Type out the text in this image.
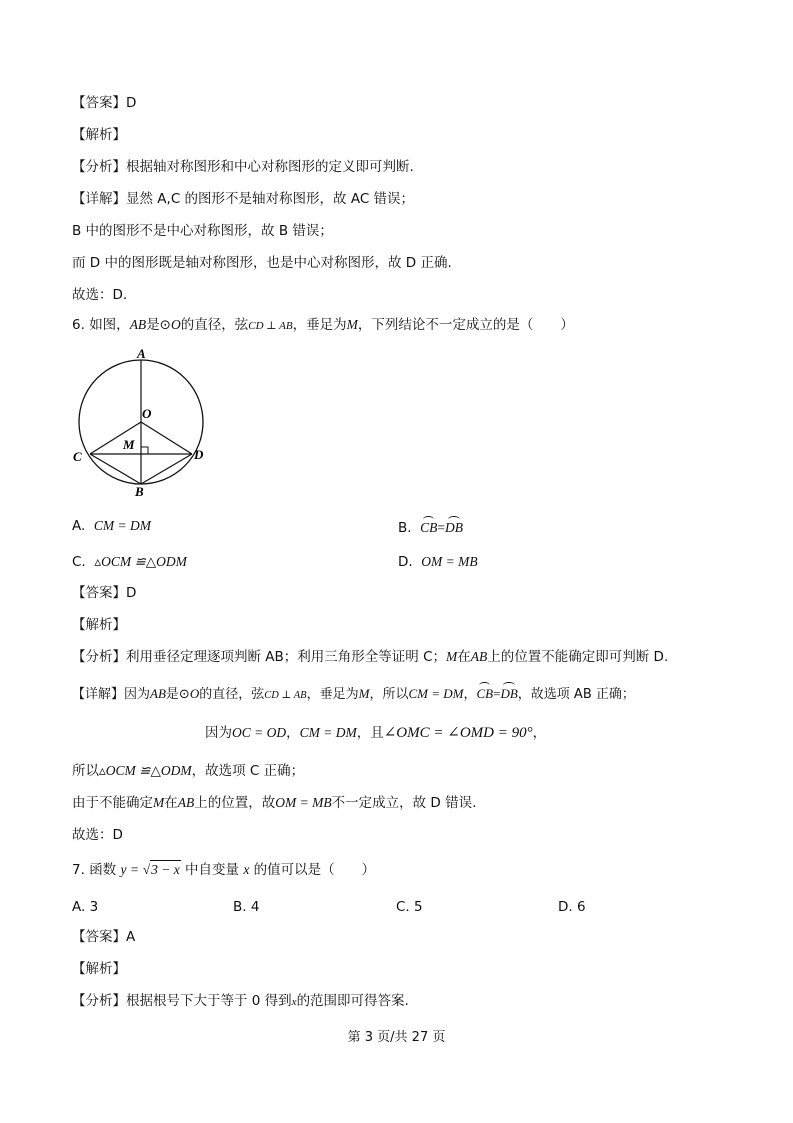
【答案】D
【解析】
【分析】根据轴对称图形和中心对称图形的定义即可判断.
【详解】显然 A,C 的图形不是轴对称图形，故 AC 错误；
B 中的图形不是中心对称图形，故 B 错误；
而 D 中的图形既是轴对称图形，也是中心对称图形，故 D 正确.
故选：D.
6. 如图，AB是⊙O的直径，弦CD ⊥ AB，垂足为M，下列结论不一定成立的是（　　）
A
O
M
C	D
B
A. CM = DM	B. CB=DB
C. ▵OCM ≌△ODM	D. OM = MB
【答案】D
【解析】
【分析】利用垂径定理逐项判断 AB；利用三角形全等证明 C；M在AB上的位置不能确定即可判断 D.
【详解】因为AB是⊙O的直径，弦CD ⊥ AB，垂足为M，所以CM = DM，CB=DB，故选项 AB 正确；
因为OC = OD，CM = DM，且∠OMC = ∠OMD = 90°，
所以▵OCM ≌△ODM，故选项 C 正确；
由于不能确定M在AB上的位置，故OM = MB不一定成立，故 D 错误.
故选：D
7. 函数 y = √3 − x 中自变量 x 的值可以是（　　）
A. 3	B. 4	C. 5	D. 6
【答案】A
【解析】
【分析】根据根号下大于等于 0 得到x的范围即可得答案.
第 3 页/共 27 页
